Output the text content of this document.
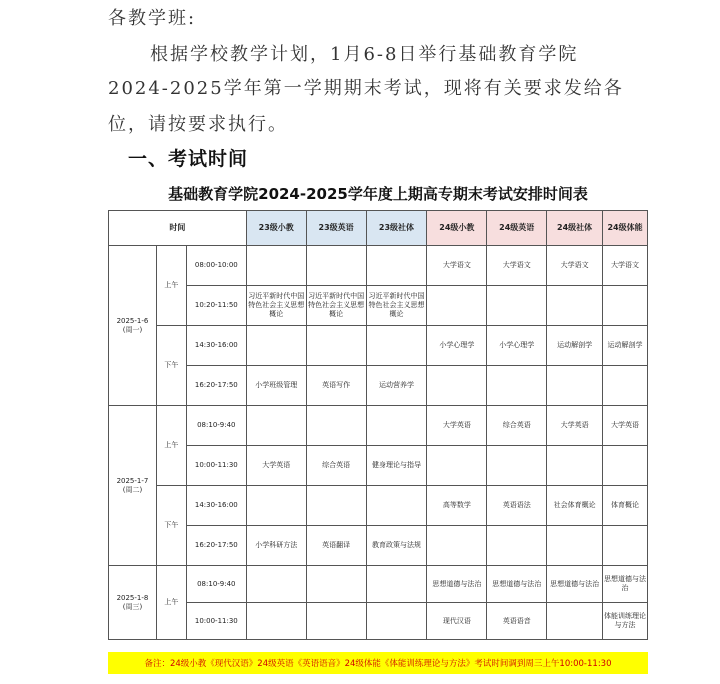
各教学班:
根据学校教学计划，1月6-8日举行基础教育学院
2024-2025学年第一学期期末考试，现将有关要求发给各
位，请按要求执行。
一、考试时间
基础教育学院2024-2025学年度上期高专期末考试安排时间表
时间			23级小教	23级英语	23级社体	24级小教	24级英语	24级社体	24级体能

2025-1-6
(周一)	上午	08:00-10:00				大学语文	大学语文	大学语文	大学语文
		10:20-11:50	习近平新时代中国特色社会主义思想概论	习近平新时代中国特色社会主义思想概论	习近平新时代中国特色社会主义思想概论				
	下午	14:30-16:00				小学心理学	小学心理学	运动解剖学	运动解剖学
		16:20-17:50	小学班级管理	英语写作	运动营养学				

2025-1-7
(周二)	上午	08:10-9:40				大学英语	综合英语	大学英语	大学英语
		10:00-11:30	大学英语	综合英语	健身理论与指导				
	下午	14:30-16:00				高等数学	英语语法	社会体育概论	体育概论
		16:20-17:50	小学科研方法	英语翻译	教育政策与法规				

2025-1-8
(周三)	上午	08:10-9:40				思想道德与法治	思想道德与法治	思想道德与法治	思想道德与法治
		10:00-11:30				现代汉语	英语语音		体能训练理论与方法
备注：24级小教《现代汉语》24级英语《英语语音》24级体能《体能训练理论与方法》考试时间调到周三上午10:00-11:30
